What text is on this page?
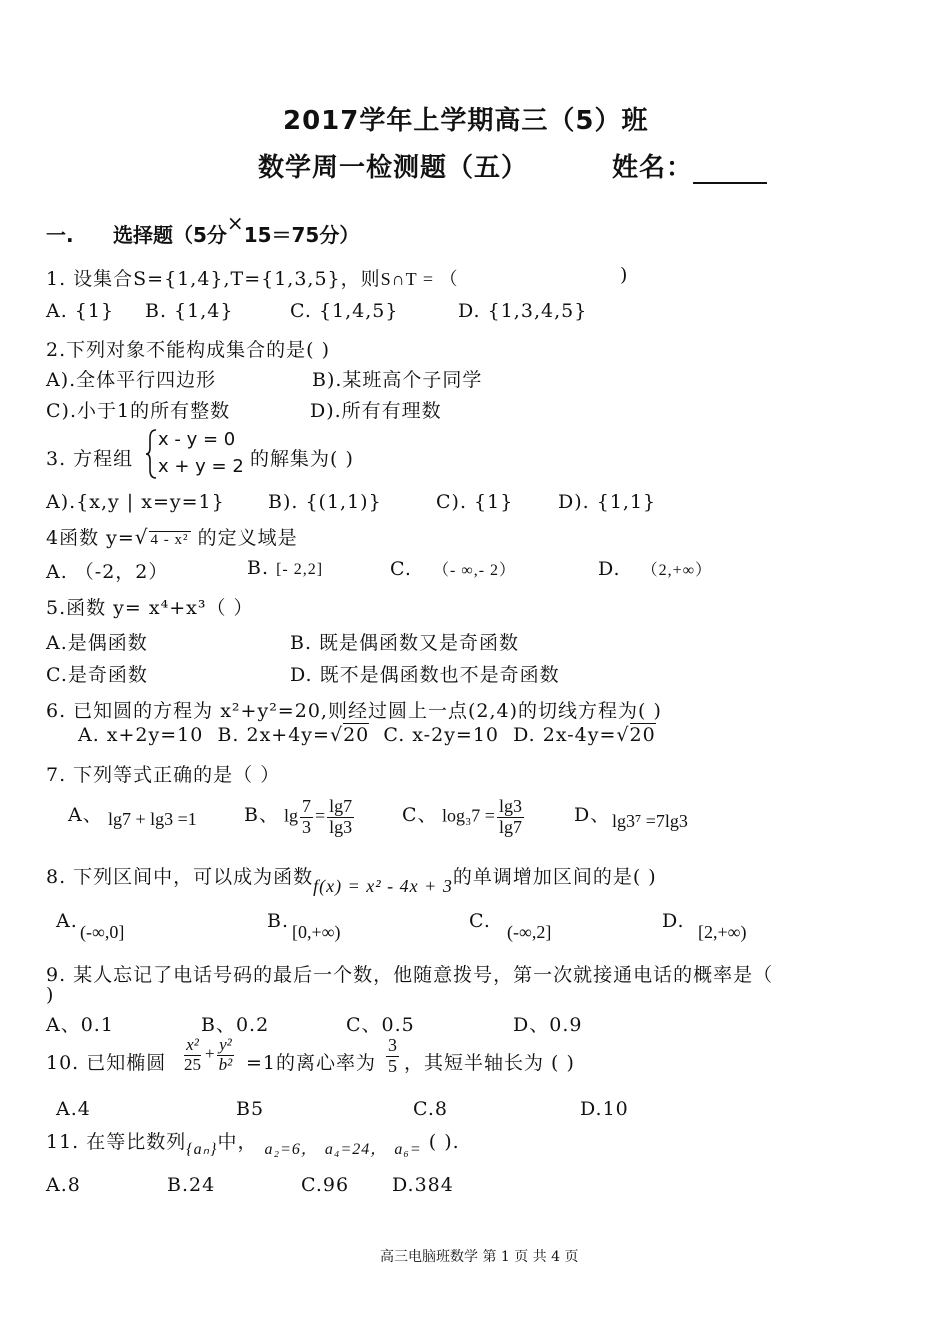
2017学年上学期高三（5）班
数学周一检测题（五）	姓名：
一. 选择题（5分×15＝75分）
1. 设集合S={1,4},T={1,3,5}，则S∩T = （	)
A. {1} B. {1,4}	C. {1,4,5}	D. {1,3,4,5}
2.下列对象不能构成集合的是( )
A).全体平行四边形	B).某班高个子同学
C).小于1的所有整数	D).所有有理数
3. 方程组
x - y = 0
x + y = 2 的解集为( )
A).{x,y | x=y=1} B). {(1,1)}	C). {1} D). {1,1}
4函数 y=√ 4 - x² 的定义域是
A. （-2，2）	B. [- 2,2]	C. （- ∞,- 2）	D. （2,+∞）
5.函数 y= x⁴+x³（ ）
A.是偶函数	B. 既是偶函数又是奇函数
C.是奇函数	D. 既不是偶函数也不是奇函数
6. 已知圆的方程为 x²+y²=20,则经过圆上一点(2,4)的切线方程为( )
A. x+2y=10 B. 2x+4y=√20 C. x-2y=10 D. 2x-4y=√20
7. 下列等式正确的是（ ）
A、 lg7 + lg3 =1 B、 $\lg \frac{7}{3} = \frac{\lg 7}{\lg 3}$	C、 $\log_37 = \frac{\lg 3}{\lg 7}$	D、 lg3⁷ =7lg3
8. 下列区间中，可以成为函数f(x) = x² - 4x + 3的单调增加区间的是( )
A. (-∞,0]	B. [0,+∞)	C. (-∞,2]	D. [2,+∞)
9. 某人忘记了电话号码的最后一个数，他随意拨号，第一次就接通电话的概率是（
)
A、0.1	B、0.2	C、0.5	D、0.9
10. 已知椭圆 $\frac{\text{x²}}{25} + \frac{\text{y²}}{\text{b²}} =1$的离心率为 $\frac{3}{5}$ ，其短半轴长为 ( )
A.4	B5	C.8	D.10
11. 在等比数列$_{\{a_n\}}$中， $_{a_2=6,}$ $_{a_4=24,}$ $_{a_6=}$ ( ).
A.8	B.24	C.96 D.384
高三电脑班数学 第 1 页 共 4 页
